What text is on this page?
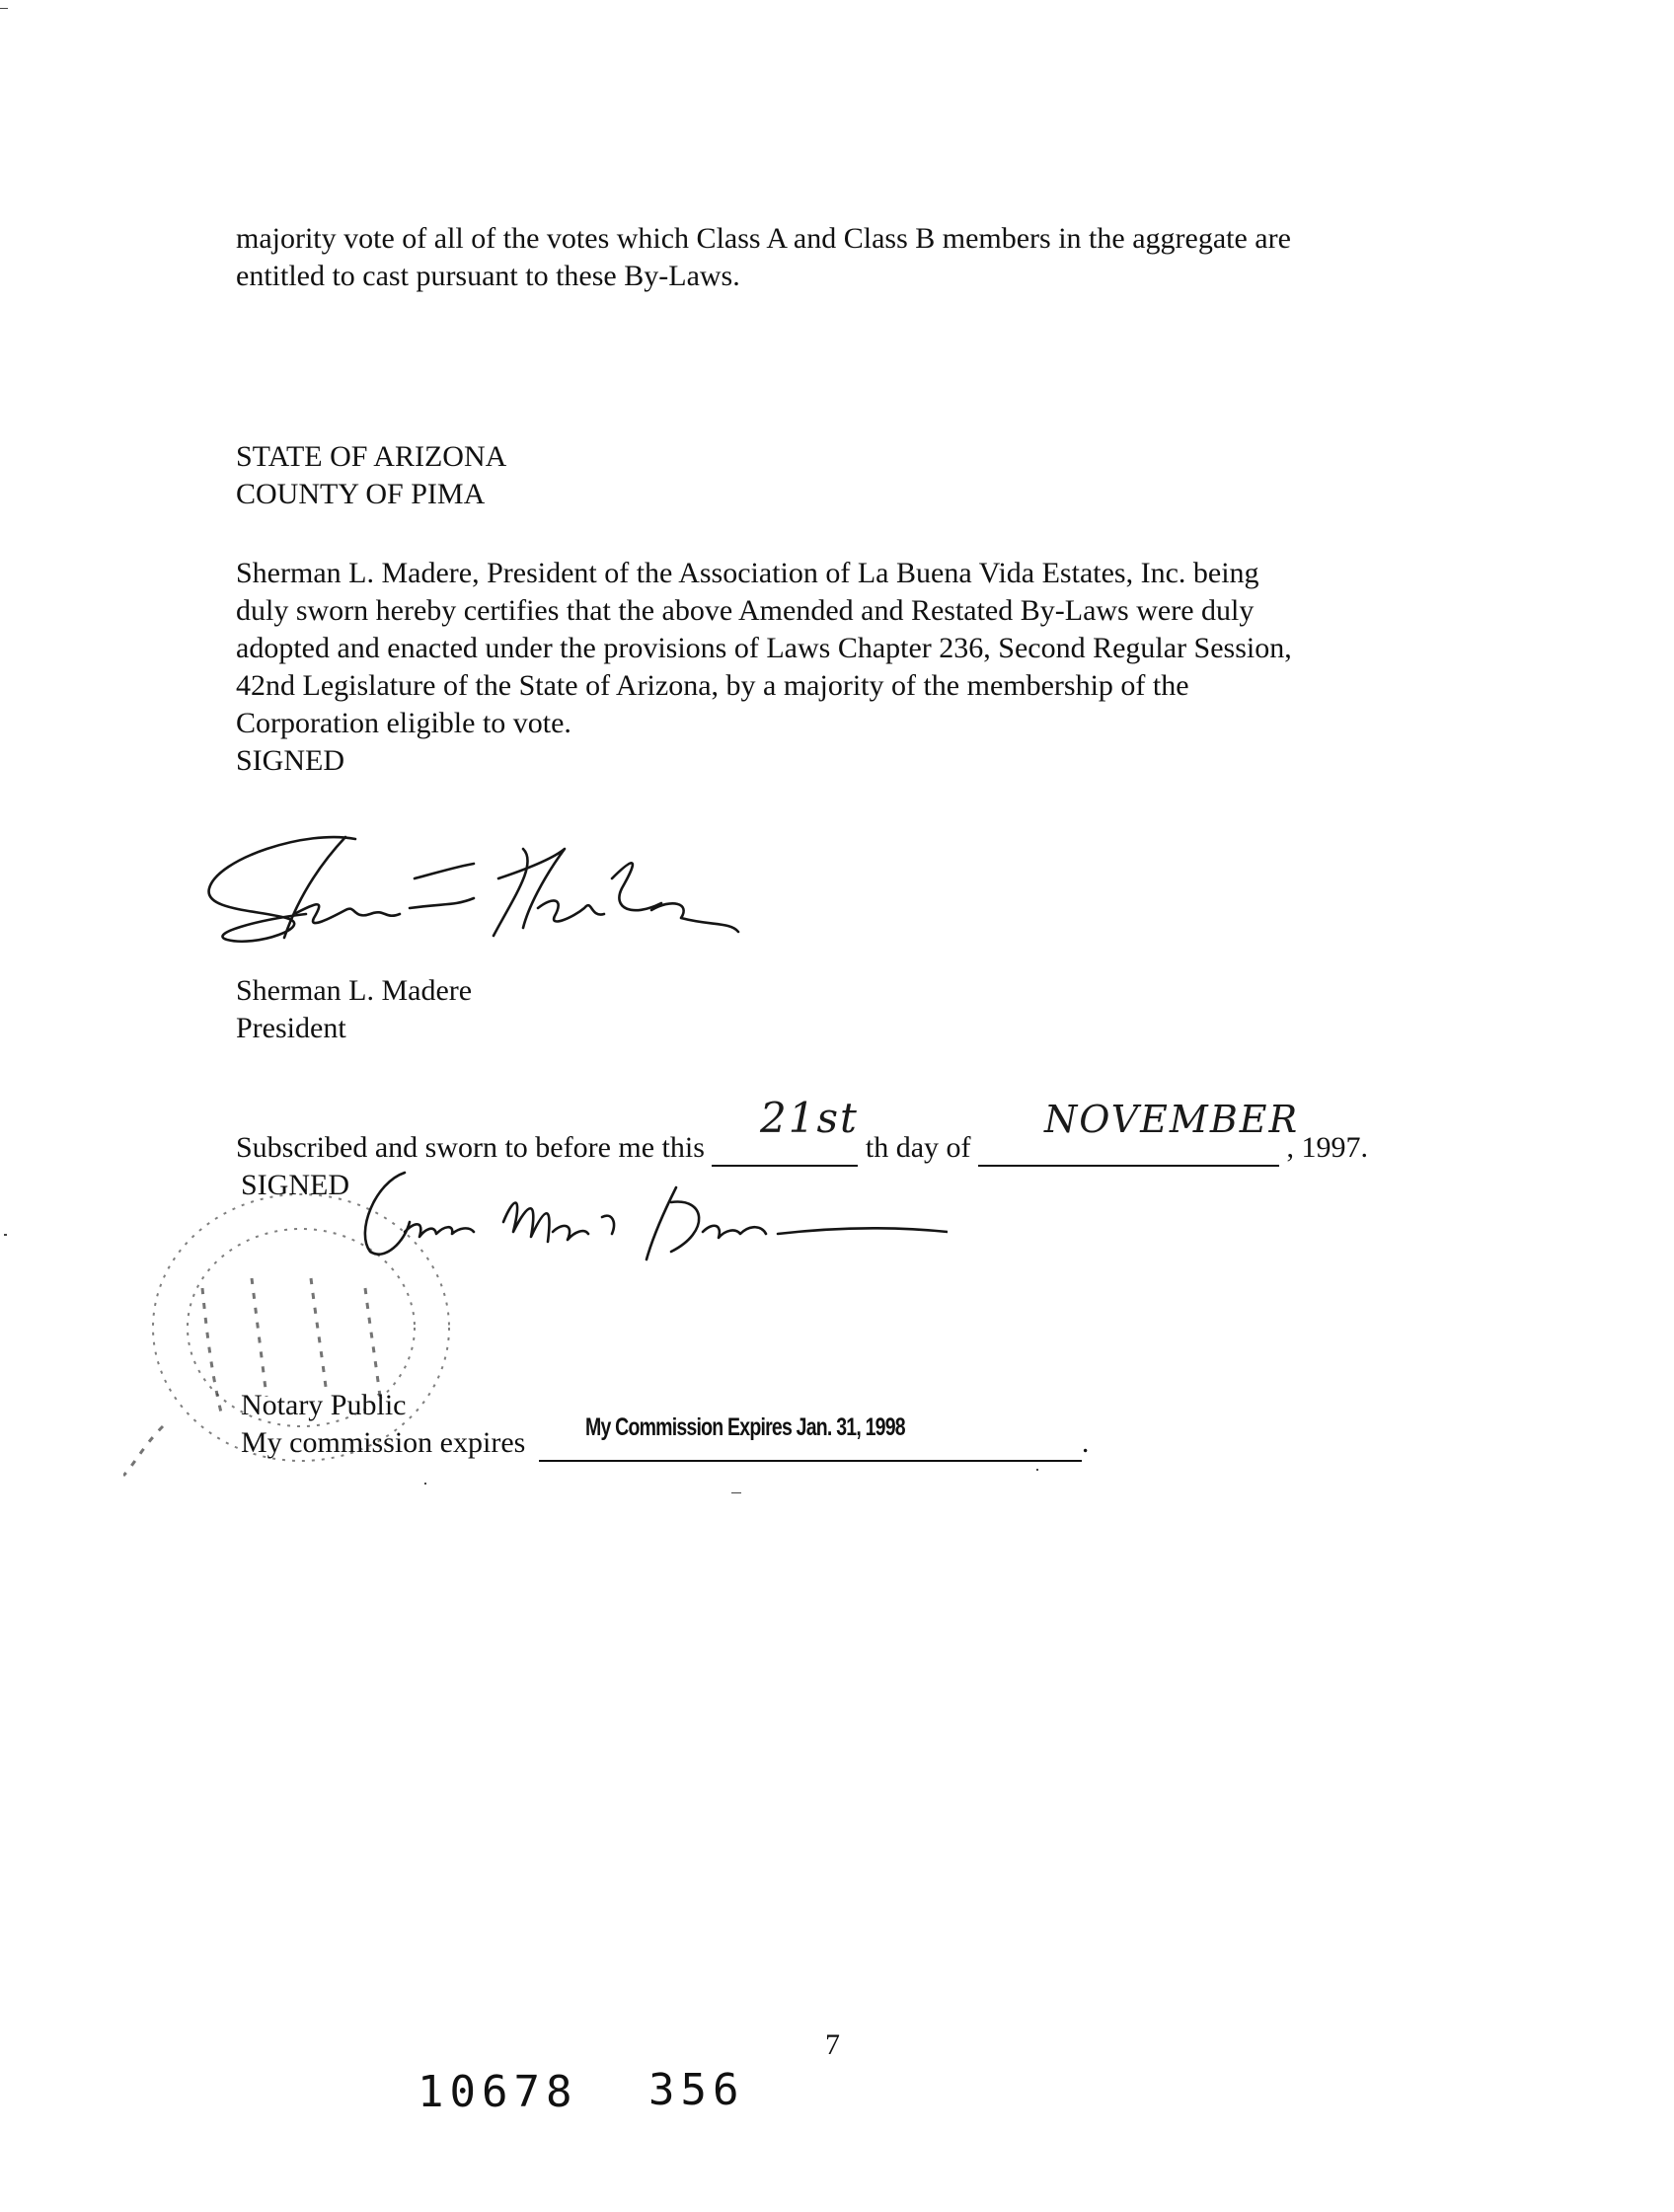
majority vote of all of the votes which Class A and Class B members in the aggregate are
entitled to cast pursuant to these By-Laws.
STATE OF ARIZONA
COUNTY OF PIMA
Sherman L. Madere, President of the Association of La Buena Vida Estates, Inc. being
duly sworn hereby certifies that the above Amended and Restated By-Laws were duly
adopted and enacted under the provisions of Laws Chapter 236, Second Regular Session,
42nd Legislature of the State of Arizona, by a majority of the membership of the
Corporation eligible to vote.
SIGNED
Sherman L. Madere
President
Subscribed and sworn to before me this	th day of	, 1997.
21st	NOVEMBER
SIGNED
Notary Public
My commission expires	.
My Commission Expires Jan. 31, 1998
7
10678 356
